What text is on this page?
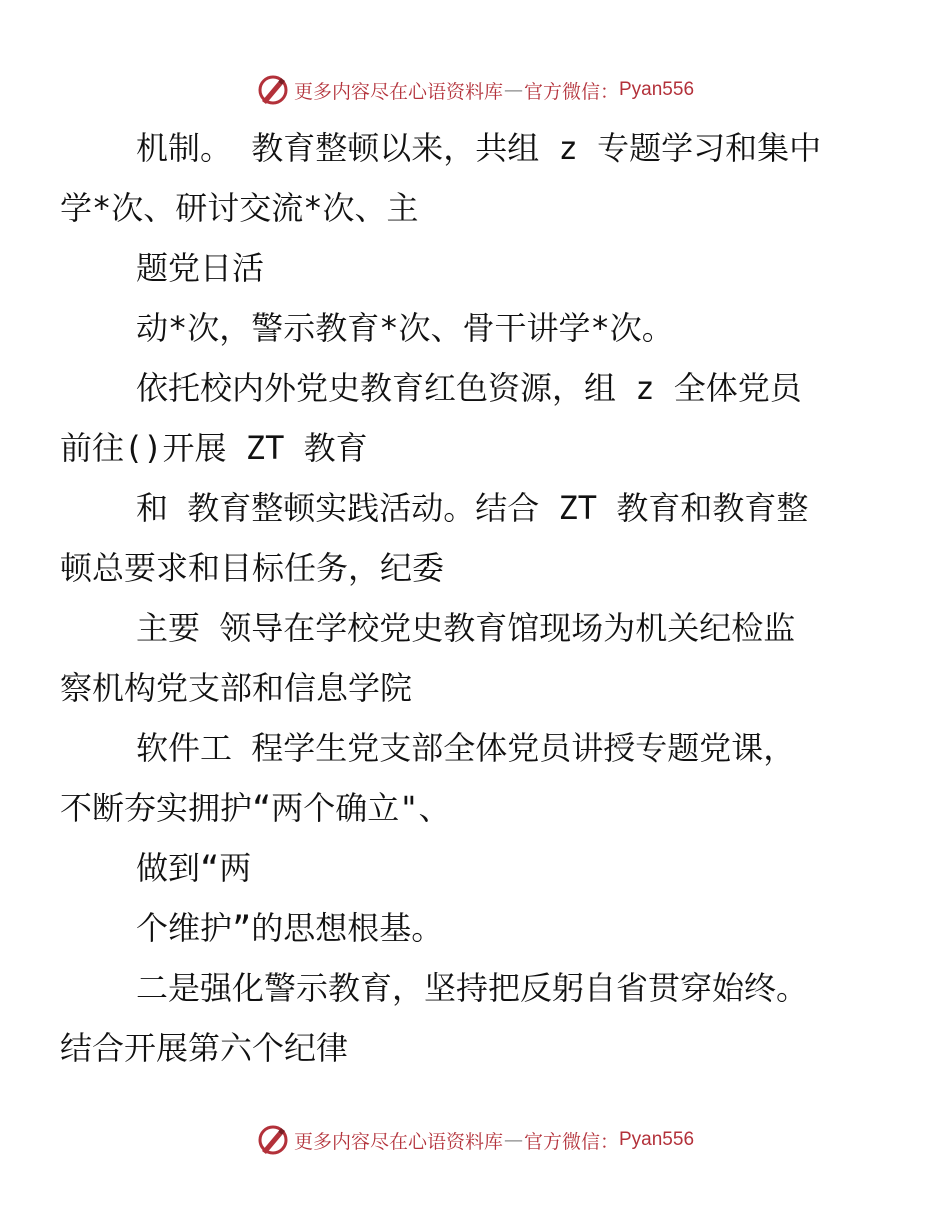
更多内容尽在心语资料库 — 官方微信： Pyan556

机制。 教育整顿以来，共组 z 专题学习和集中
学*次、研讨交流*次、主

题党日活

动*次，警示教育*次、骨干讲学*次。

依托校内外党史教育红色资源，组 z 全体党员
前往()开展 ZT 教育

和 教育整顿实践活动。结合 ZT 教育和教育整
顿总要求和目标任务，纪委

主要 领导在学校党史教育馆现场为机关纪检监
察机构党支部和信息学院

软件工 程学生党支部全体党员讲授专题党课，
不断夯实拥护“两个确立"、

做到“两

个维护”的思想根基。

二是强化警示教育，坚持把反躬自省贯穿始终。
结合开展第六个纪律

更多内容尽在心语资料库 — 官方微信： Pyan556
